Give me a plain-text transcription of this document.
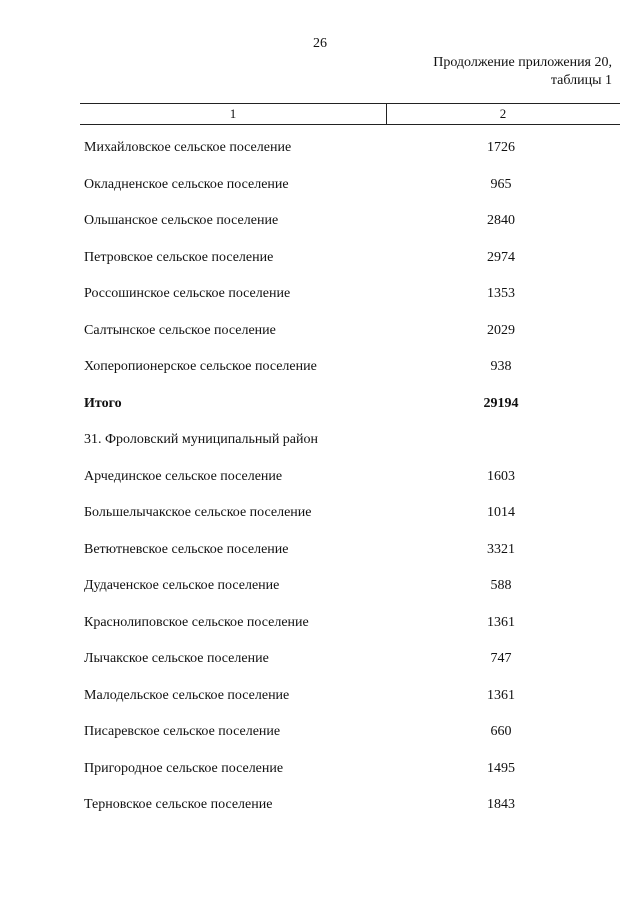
26
Продолжение приложения 20,
таблицы 1
1	2
Михайловское сельское поселение	1726
Окладненское сельское поселение	965
Ольшанское сельское поселение	2840
Петровское сельское поселение	2974
Россошинское сельское поселение	1353
Салтынское сельское поселение	2029
Хоперопионерское сельское поселение	938
Итого	29194
31. Фроловский муниципальный район
Арчединское сельское поселение	1603
Большелычакское сельское поселение	1014
Ветютневское сельское поселение	3321
Дудаченское сельское поселение	588
Краснолиповское сельское поселение	1361
Лычакское сельское поселение	747
Малодельское сельское поселение	1361
Писаревское сельское поселение	660
Пригородное сельское поселение	1495
Терновское сельское поселение	1843
